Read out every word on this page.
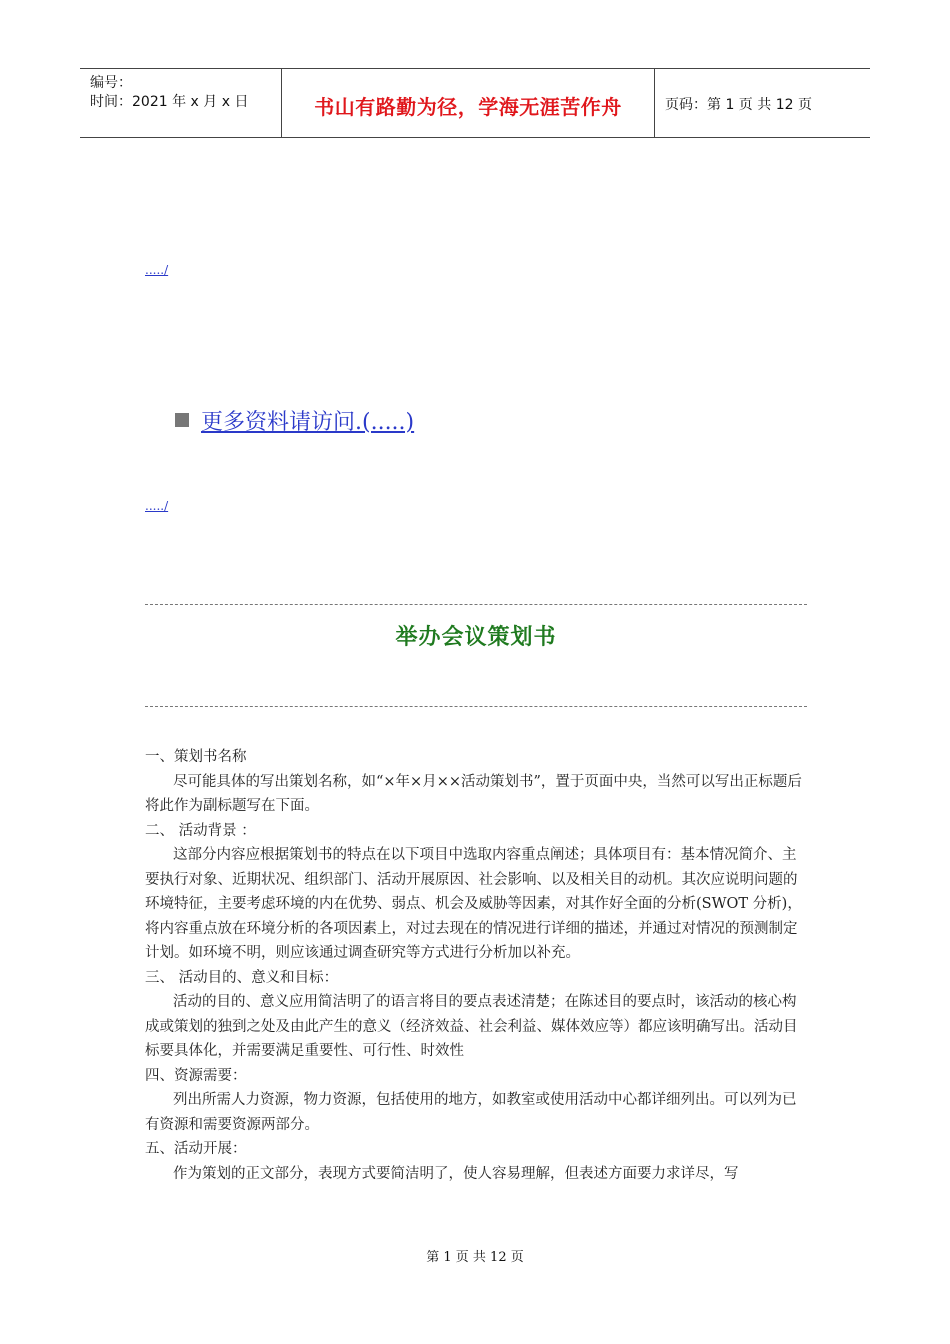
编号：
时间：2021 年 x 月 x 日	书山有路勤为径，学海无涯苦作舟	页码：第 1 页 共 12 页
...../
更多资料请访问.(.....)
...../
举办会议策划书

一、策划书名称

尽可能具体的写出策划名称，如“×年×月××活动策划书”，置于页面中央，当然可以写出正标题后将此作为副标题写在下面。

二、 活动背景 ：

这部分内容应根据策划书的特点在以下项目中选取内容重点阐述；具体项目有：基本情况简介、主要执行对象、近期状况、组织部门、活动开展原因、社会影响、以及相关目的动机。其次应说明问题的环境特征，主要考虑环境的内在优势、弱点、机会及威胁等因素，对其作好全面的分析(SWOT 分析)，将内容重点放在环境分析的各项因素上，对过去现在的情况进行详细的描述，并通过对情况的预测制定计划。如环境不明，则应该通过调查研究等方式进行分析加以补充。

三、 活动目的、意义和目标：

活动的目的、意义应用简洁明了的语言将目的要点表述清楚；在陈述目的要点时，该活动的核心构成或策划的独到之处及由此产生的意义（经济效益、社会利益、媒体效应等）都应该明确写出。活动目标要具体化，并需要满足重要性、可行性、时效性

四、资源需要：

列出所需人力资源，物力资源，包括使用的地方，如教室或使用活动中心都详细列出。可以列为已有资源和需要资源两部分。

五、活动开展：

作为策划的正文部分，表现方式要简洁明了，使人容易理解，但表述方面要力求详尽，写

第 1 页 共 12 页
